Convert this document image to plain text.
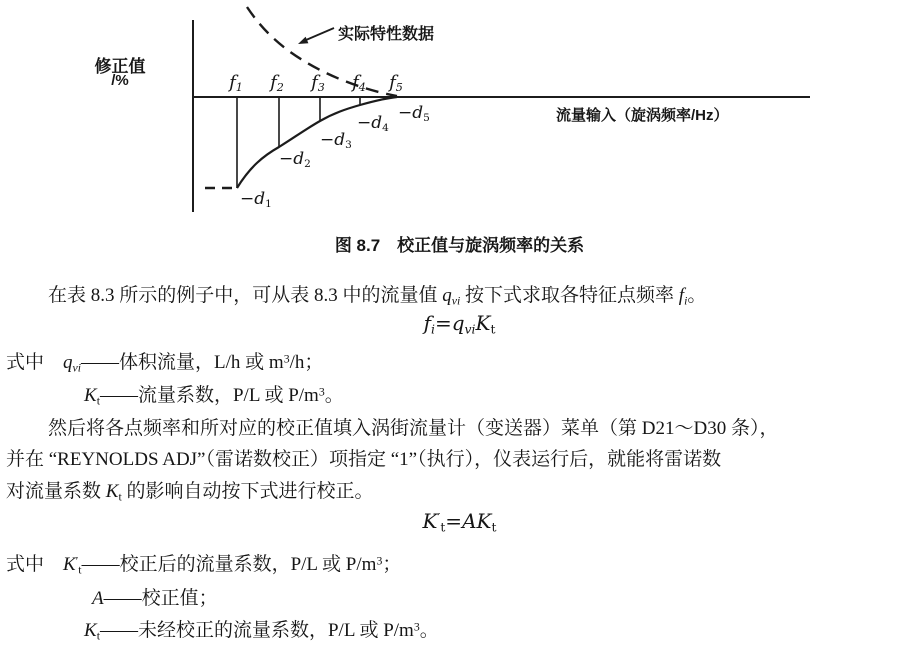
修正值
/%
实际特性数据
流量输入（旋涡频率/Hz）
f1	f2	f3	f4	f5
−d1
−d2
−d3
−d4
−d5
图 8.7　校正值与旋涡频率的关系
在表 8.3 所示的例子中，可从表 8.3 中的流量值 qvi 按下式求取各特征点频率 fi。
fi=qviKt
式中　qvi——体积流量，L/h 或 $m^3/h$；
Kt——流量系数，P/L 或 $P/m^3$。
然后将各点频率和所对应的校正值填入涡街流量计（变送器）菜单（第 D21～D30 条），
并在 “REYNOLDS ADJ”（雷诺数校正）项指定 “1”（执行），仪表运行后，就能将雷诺数
对流量系数 Kt 的影响自动按下式进行校正。
K′t=AKt
式中　K′t——校正后的流量系数，P/L 或 $P/m^3$；
A——校正值；
Kt——未经校正的流量系数，P/L 或 $P/m^3$。
